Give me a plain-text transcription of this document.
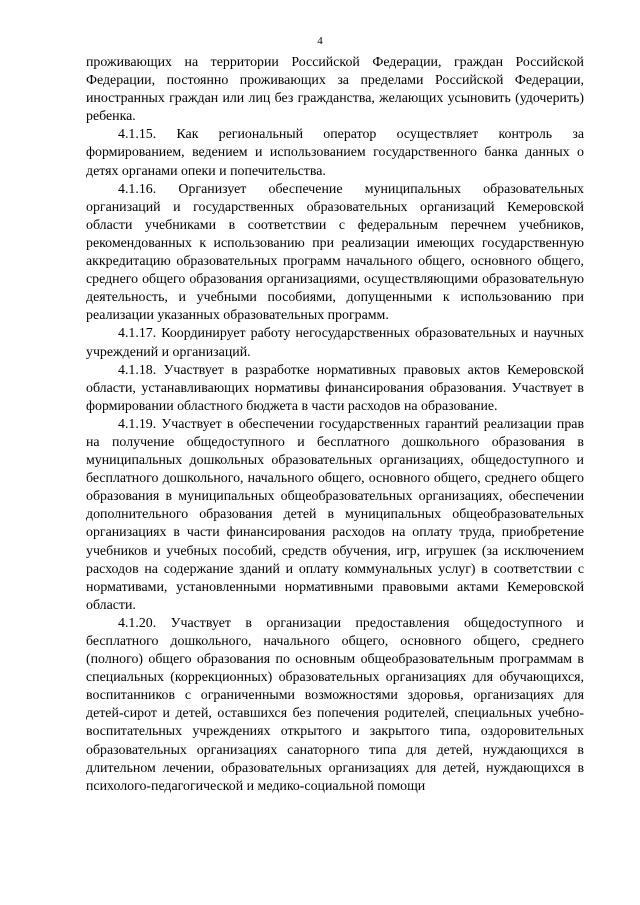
4

проживающих на территории Российской Федерации, граждан Российской Федерации, постоянно проживающих за пределами Российской Федерации, иностранных граждан или лиц без гражданства, желающих усыновить (удочерить) ребенка.

4.1.15. Как региональный оператор осуществляет контроль за формированием, ведением и использованием государственного банка данных о детях органами опеки и попечительства.

4.1.16. Организует обеспечение муниципальных образовательных организаций и государственных образовательных организаций Кемеровской области учебниками в соответствии с федеральным перечнем учебников, рекомендованных к использованию при реализации имеющих государственную аккредитацию образовательных программ начального общего, основного общего, среднего общего образования организациями, осуществляющими образовательную деятельность, и учебными пособиями, допущенными к использованию при реализации указанных образовательных программ.

4.1.17. Координирует работу негосударственных образовательных и научных учреждений и организаций.

4.1.18. Участвует в разработке нормативных правовых актов Кемеровской области, устанавливающих нормативы финансирования образования. Участвует в формировании областного бюджета в части расходов на образование.

4.1.19. Участвует в обеспечении государственных гарантий реализации прав на получение общедоступного и бесплатного дошкольного образования в муниципальных дошкольных образовательных организациях, общедоступного и бесплатного дошкольного, начального общего, основного общего, среднего общего образования в муниципальных общеобразовательных организациях, обеспечении дополнительного образования детей в муниципальных общеобразовательных организациях в части финансирования расходов на оплату труда, приобретение учебников и учебных пособий, средств обучения, игр, игрушек (за исключением расходов на содержание зданий и оплату коммунальных услуг) в соответствии с нормативами, установленными нормативными правовыми актами Кемеровской области.

4.1.20. Участвует в организации предоставления общедоступного и бесплатного дошкольного, начального общего, основного общего, среднего (полного) общего образования по основным общеобразовательным программам в специальных (коррекционных) образовательных организациях для обучающихся, воспитанников с ограниченными возможностями здоровья, организациях для детей-сирот и детей, оставшихся без попечения родителей, специальных учебно-воспитательных учреждениях открытого и закрытого типа, оздоровительных образовательных организациях санаторного типа для детей, нуждающихся в длительном лечении, образовательных организациях для детей, нуждающихся в психолого-педагогической и медико-социальной помощи
